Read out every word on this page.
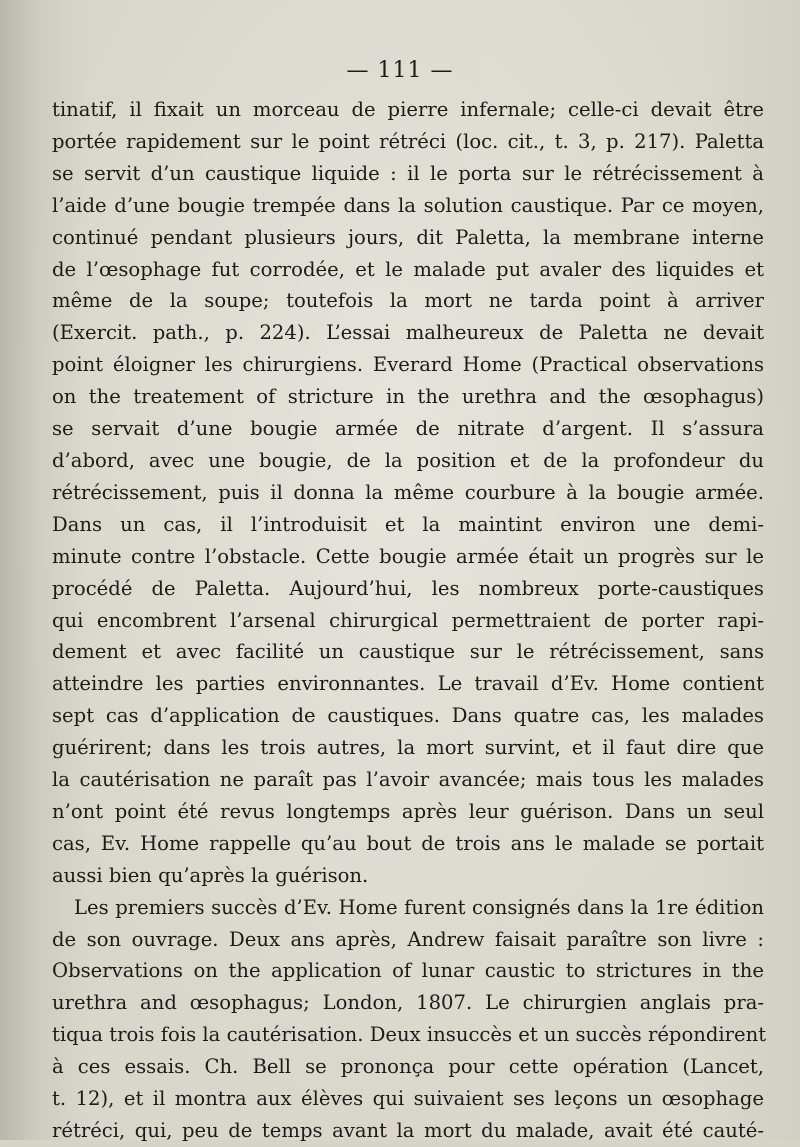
— 111 —
tinatif, il fixait un morceau de pierre infernale; celle-ci devait être
portée rapidement sur le point rétréci (loc. cit., t. 3, p. 217). Paletta
se servit d’un caustique liquide : il le porta sur le rétrécissement à
l’aide d’une bougie trempée dans la solution caustique. Par ce moyen,
continué pendant plusieurs jours, dit Paletta, la membrane interne
de l’œsophage fut corrodée, et le malade put avaler des liquides et
même de la soupe; toutefois la mort ne tarda point à arriver
(Exercit. path., p. 224). L’essai malheureux de Paletta ne devait
point éloigner les chirurgiens. Everard Home (Practical observations
on the treatement of stricture in the urethra and the œsophagus)
se servait d’une bougie armée de nitrate d’argent. Il s’assura
d’abord, avec une bougie, de la position et de la profondeur du
rétrécissement, puis il donna la même courbure à la bougie armée.
Dans un cas, il l’introduisit et la maintint environ une demi-
minute contre l’obstacle. Cette bougie armée était un progrès sur le
procédé de Paletta. Aujourd’hui, les nombreux porte-caustiques
qui encombrent l’arsenal chirurgical permettraient de porter rapi-
dement et avec facilité un caustique sur le rétrécissement, sans
atteindre les parties environnantes. Le travail d’Ev. Home contient
sept cas d’application de caustiques. Dans quatre cas, les malades
guérirent; dans les trois autres, la mort survint, et il faut dire que
la cautérisation ne paraît pas l’avoir avancée; mais tous les malades
n’ont point été revus longtemps après leur guérison. Dans un seul
cas, Ev. Home rappelle qu’au bout de trois ans le malade se portait
aussi bien qu’après la guérison.
Les premiers succès d’Ev. Home furent consignés dans la 1re édition
de son ouvrage. Deux ans après, Andrew faisait paraître son livre :
Observations on the application of lunar caustic to strictures in the
urethra and œsophagus; London, 1807. Le chirurgien anglais pra-
tiqua trois fois la cautérisation. Deux insuccès et un succès répondirent
à ces essais. Ch. Bell se prononça pour cette opération (Lancet,
t. 12), et il montra aux élèves qui suivaient ses leçons un œsophage
rétréci, qui, peu de temps avant la mort du malade, avait été cauté-
